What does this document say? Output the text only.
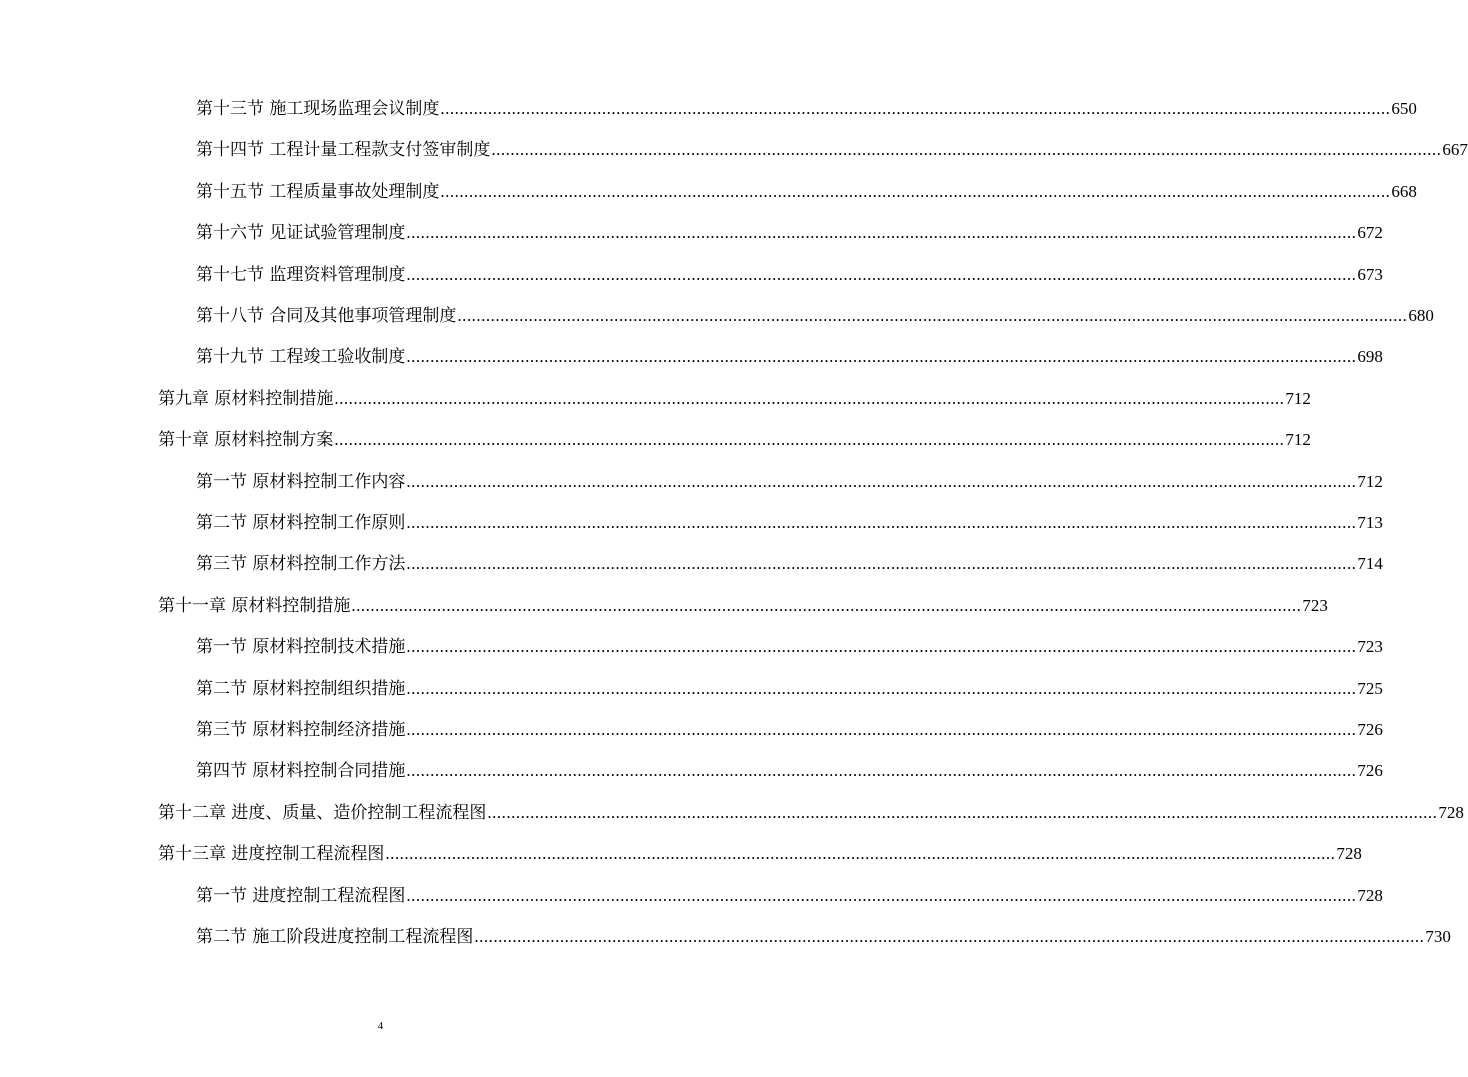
第十三节 施工现场监理会议制度 ........................................................................................................................................................................................................ 650
第十四节 工程计量工程款支付签审制度 ........................................................................................................................................................................................................ 667
第十五节 工程质量事故处理制度 ........................................................................................................................................................................................................ 668
第十六节 见证试验管理制度 ........................................................................................................................................................................................................ 672
第十七节 监理资料管理制度 ........................................................................................................................................................................................................ 673
第十八节 合同及其他事项管理制度 ........................................................................................................................................................................................................ 680
第十九节 工程竣工验收制度 ........................................................................................................................................................................................................ 698
第九章 原材料控制措施 ........................................................................................................................................................................................................ 712
第十章 原材料控制方案 ........................................................................................................................................................................................................ 712
第一节 原材料控制工作内容 ........................................................................................................................................................................................................ 712
第二节 原材料控制工作原则 ........................................................................................................................................................................................................ 713
第三节 原材料控制工作方法 ........................................................................................................................................................................................................ 714
第十一章 原材料控制措施 ........................................................................................................................................................................................................ 723
第一节 原材料控制技术措施 ........................................................................................................................................................................................................ 723
第二节 原材料控制组织措施 ........................................................................................................................................................................................................ 725
第三节 原材料控制经济措施 ........................................................................................................................................................................................................ 726
第四节 原材料控制合同措施 ........................................................................................................................................................................................................ 726
第十二章 进度、质量、造价控制工程流程图 ........................................................................................................................................................................................................ 728
第十三章 进度控制工程流程图 ........................................................................................................................................................................................................ 728
第一节 进度控制工程流程图 ........................................................................................................................................................................................................ 728
第二节 施工阶段进度控制工程流程图 ........................................................................................................................................................................................................ 730
4
